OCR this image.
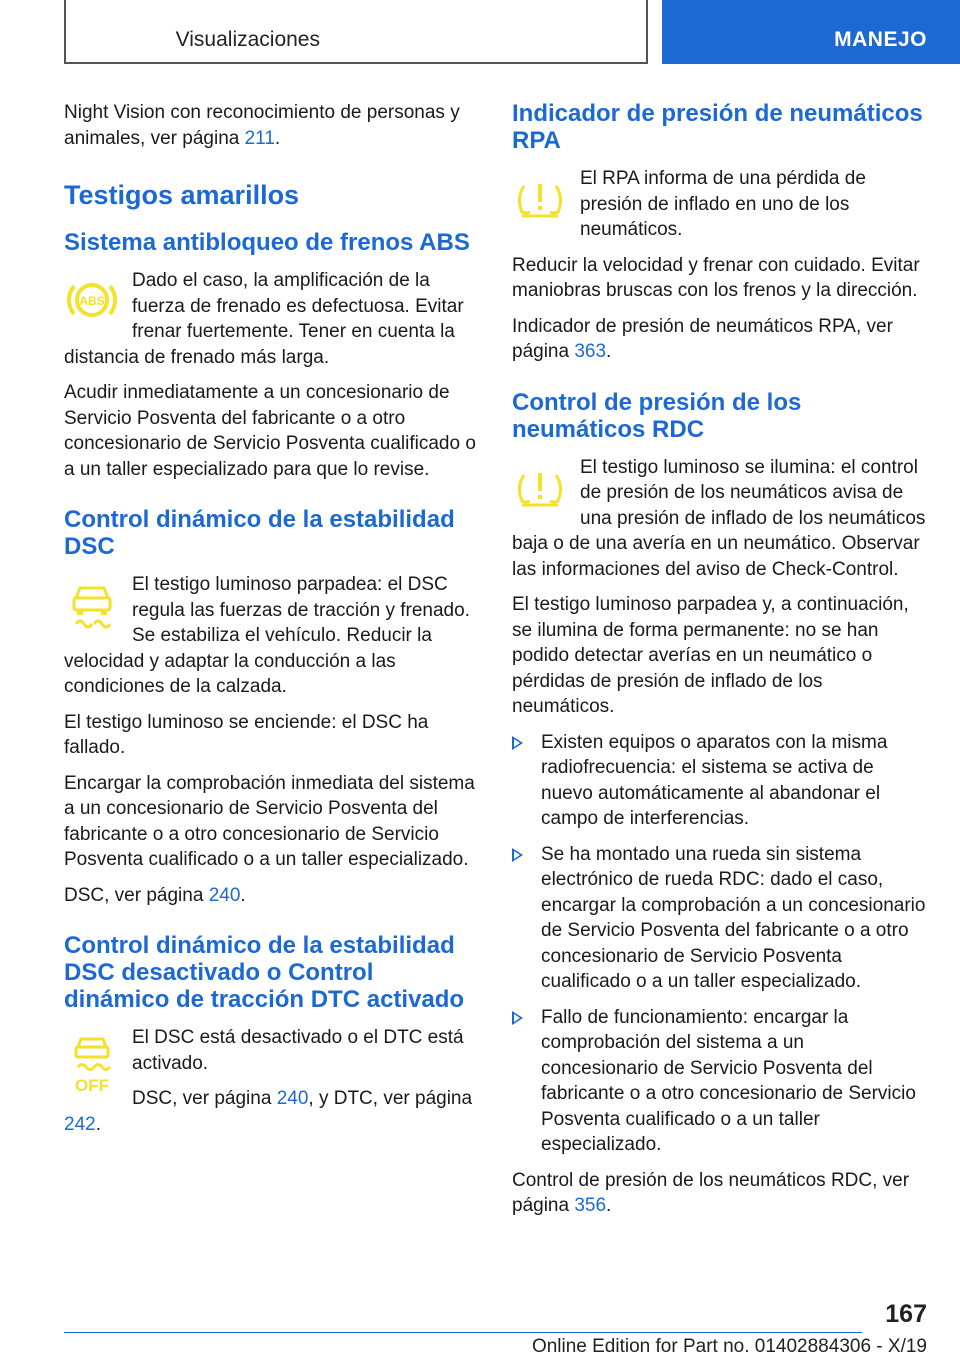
Visualizaciones	MANEJO

Night Vision con reconocimiento de personas y animales, ver página 211.

Testigos amarillos
Sistema antibloqueo de frenos ABS
ABS

Dado el caso, la amplificación de la fuerza de frenado es defectuosa. Evitar frenar fuertemente. Tener en cuenta la distancia de frenado más larga.

Acudir inmediatamente a un concesionario de Servicio Posventa del fabricante o a otro concesionario de Servicio Posventa cualificado o a un taller especializado para que lo revise.

Control dinámico de la estabilidad DSC

El testigo luminoso parpadea: el DSC regula las fuerzas de tracción y frenado. Se estabiliza el vehículo. Reducir la velocidad y adaptar la conducción a las condiciones de la calzada.

El testigo luminoso se enciende: el DSC ha fallado.

Encargar la comprobación inmediata del sistema a un concesionario de Servicio Posventa del fabricante o a otro concesionario de Servicio Posventa cualificado o a un taller especializado.

DSC, ver página 240.

Control dinámico de la estabilidad DSC desactivado o Control dinámico de tracción DTC activado
OFF

El DSC está desactivado o el DTC está activado.

DSC, ver página 240, y DTC, ver página 242.

Indicador de presión de neumáticos RPA

El RPA informa de una pérdida de presión de inflado en uno de los neumáticos.

Reducir la velocidad y frenar con cuidado. Evitar maniobras bruscas con los frenos y la dirección.

Indicador de presión de neumáticos RPA, ver página 363.

Control de presión de los neumáticos RDC

El testigo luminoso se ilumina: el control de presión de los neumáticos avisa de una presión de inflado de los neumáticos baja o de una avería en un neumático. Observar las informaciones del aviso de Check-Control.

El testigo luminoso parpadea y, a continuación, se ilumina de forma permanente: no se han podido detectar averías en un neumático o pérdidas de presión de inflado de los neumáticos.

Existen equipos o aparatos con la misma radiofrecuencia: el sistema se activa de nuevo automáticamente al abandonar el campo de interferencias.
Se ha montado una rueda sin sistema electrónico de rueda RDC: dado el caso, encargar la comprobación a un concesionario de Servicio Posventa del fabricante o a otro concesionario de Servicio Posventa cualificado o a un taller especializado.
Fallo de funcionamiento: encargar la comprobación del sistema a un concesionario de Servicio Posventa del fabricante o a otro concesionario de Servicio Posventa cualificado o a un taller especializado.

Control de presión de los neumáticos RDC, ver página 356.

167
Online Edition for Part no. 01402884306 - X/19
